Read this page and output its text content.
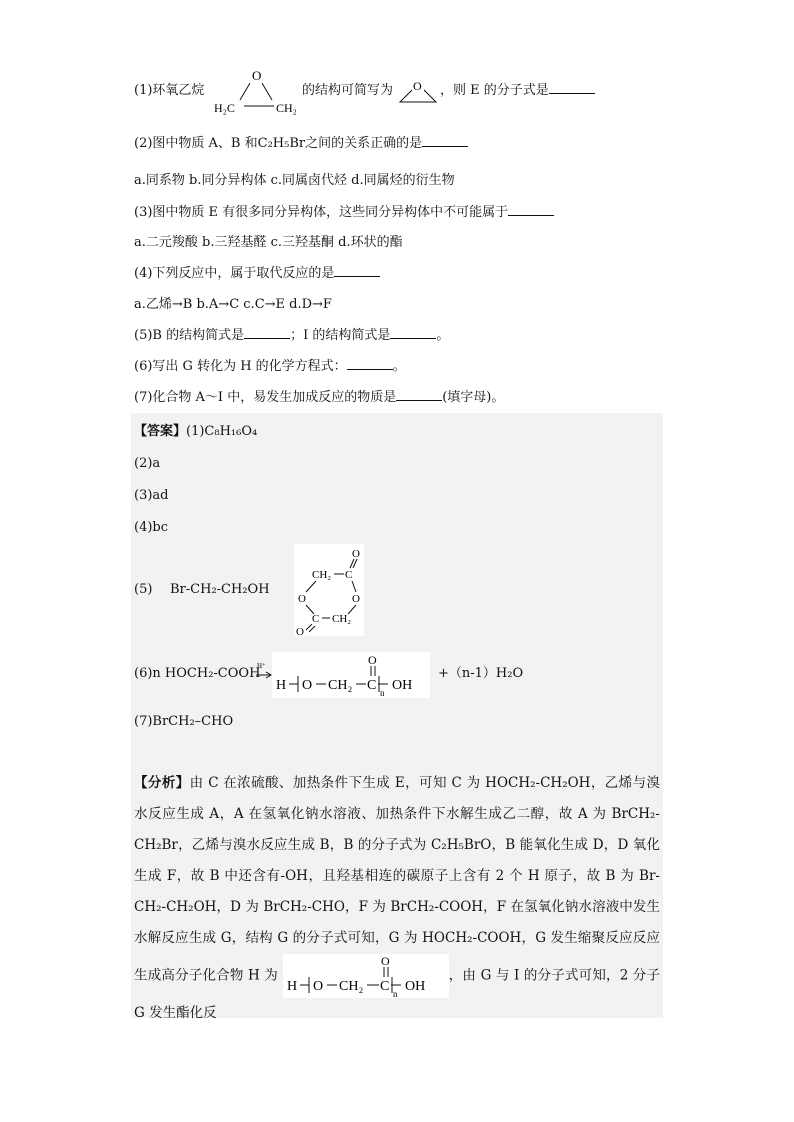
(1)环氧乙烷
O
H₂C	CH₂
的结构可简写为 O ，则 E 的分子式是
(2)图中物质 A、B 和C₂H₅Br之间的关系正确的是
a.同系物 b.同分异构体 c.同属卤代烃 d.同属烃的衍生物
(3)图中物质 E 有很多同分异构体，这些同分异构体中不可能属于
a.二元羧酸 b.三羟基醛 c.三羟基酮 d.环状的酯
(4)下列反应中，属于取代反应的是
a.乙烯→B b.A→C c.C→E d.D→F
(5)B 的结构简式是	；I 的结构简式是	。
(6)写出 G 转化为 H 的化学方程式：	。
(7)化合物 A～I 中，易发生加成反应的物质是	(填字母)。
【答案】(1)C₈H₁₆O₄
(2)a
(3)ad
(4)bc
(5) Br-CH₂-CH₂OH
O
CH₂ C
O	O
C CH₂
O
(6)n HOCH₂-COOH
H⁺
H O CH₂ C
O
n OH
+（n-1）H₂O
(7)BrCH₂–CHO
【分析】由 C 在浓硫酸、加热条件下生成 E，可知 C 为 HOCH₂-CH₂OH，乙烯与溴水反应生成 A，A 在氢氧化钠水溶液、加热条件下水解生成乙二醇，故 A 为 BrCH₂-CH₂Br，乙烯与溴水反应生成 B，B 的分子式为 C₂H₅BrO，B 能氧化生成 D，D 氧化生成 F，故 B 中还含有-OH，且羟基相连的碳原子上含有 2 个 H 原子，故 B 为 Br-CH₂-CH₂OH，D 为 BrCH₂-CHO，F 为 BrCH₂-COOH，F 在氢氧化钠水溶液中发生水解反应生成 G，结构 G 的分子式可知，G 为 HOCH₂-COOH，G 发生缩聚反应反应生成高分子化合物 H 为
H O CH₂ C
O
n OH
，由 G 与 I 的分子式可知，2 分子 G 发生酯化反
